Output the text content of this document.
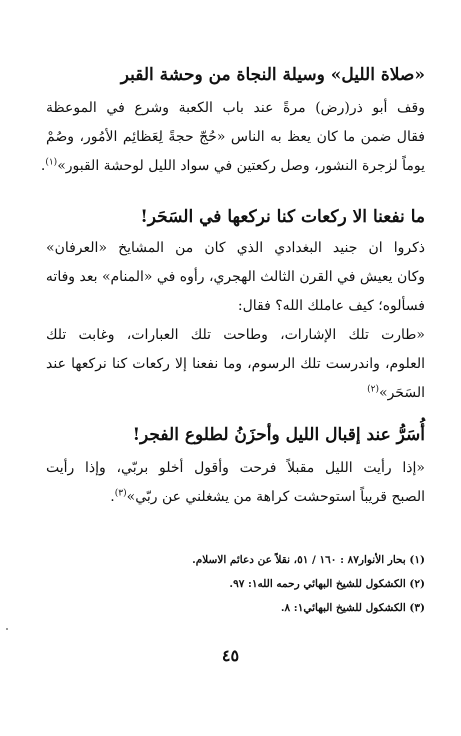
«صلاة الليل» وسيلة النجاة من وحشة القبر
وقف أبو ذر(رض) مرةً عند باب الكعبة وشرع في الموعظة
فقال ضمن ما كان يعظ به الناس «حُجّ حجةً لِعَظائِم الأمُور، وصُمْ
يوماً لزجرة النشور، وصل ركعتين في سواد الليل لوحشة القبور»$^{(١)}$.
ما نفعنا الا ركعات كنا نركعها في السَحَر!
ذكروا ان جنيد البغدادي الذي كان من المشايخ «العرفان»
وكان يعيش في القرن الثالث الهجري، رأوه في «المنام» بعد وفاته
فسألوه؛ كيف عاملك الله؟ فقال:
«طارت تلك الإشارات، وطاحت تلك العبارات، وغابت تلك
العلوم، واندرست تلك الرسوم، وما نفعنا إلا ركعات كنا نركعها عند
السَحَر»$^{(٢)}$
أُسَرُّ عند إقبال الليل وأحزَنُ لطلوع الفجر!
«إذا رأيت الليل مقبلاً فرحت وأقول أخلو بربّي، وإذا رأيت
الصبح قريباً استوحشت كراهة من يشغلني عن ربّي»$^{(٣)}$.
(١) بحار الأنوار٨٧ : ١٦٠ / ٥١، نقلاً عن دعائم الاسلام.
(٢) الكشكول للشيخ البهائي رحمه الله١: ٩٧.
(٣) الكشكول للشيخ البهائي١: ٨.
٤٥
